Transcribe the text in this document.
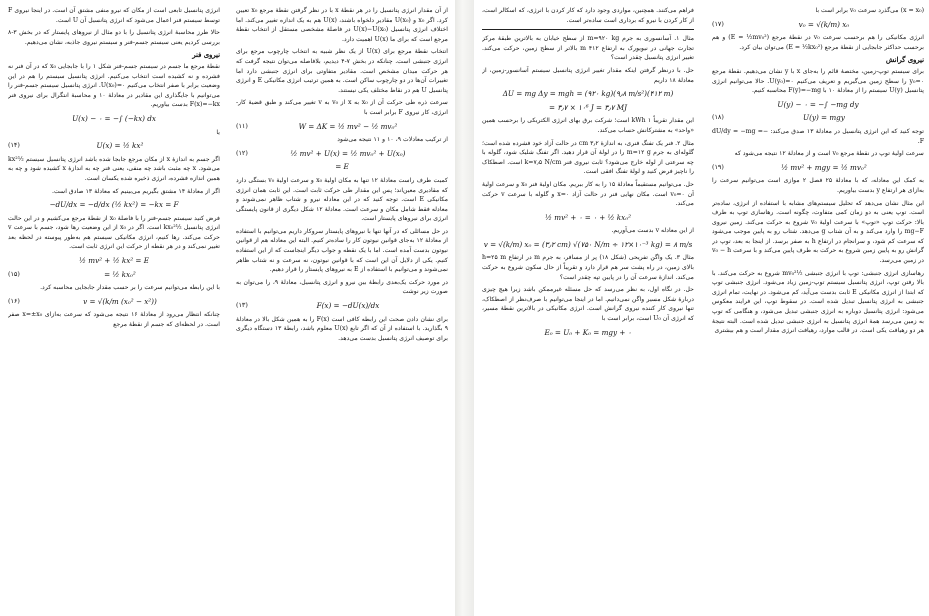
انرژی پتانسیل تابعی است از مکان که نیرو منفی مشتق آن است. در اینجا نیروی F توسط سیستم فنر اعمال می‌شود که انرژی پتانسیل آن U است.
حالا طرز محاسبهٔ انرژی پتانسیل را با دو مثال از نیروهای پایستار که در بخش ۳-۸ بررسی کردیم یعنی سیستم جسم-فنر و سیستم نیروی جاذبه، نشان می‌دهیم.
نیروی فنر
نقطهٔ مرجع ما جسم در سیستم جسم-فنر شکل ۱ را با جابجایی x₀ که در آن فنر نه فشرده و نه کشیده است انتخاب می‌کنیم. انرژی پتانسیل سیستم را هم در این وضعیت برابر با صفر انتخاب می‌کنیم U(x₀)=۰. انرژی پتانسیل سیستم جسم-فنر را می‌توانیم با جایگذاری این مقادیر در معادلهٔ ۱۰ و محاسبهٔ انتگرال برای نیروی فنر F(x)=−kx بدست بیاوریم.
U(x) − ۰ = −∫ (−kx) dx
یا
(۱۴)	U(x) = ½ kx²
اگر جسم به اندازهٔ x از مکان مرجع جابجا شده باشد انرژی پتانسیل سیستم ½kx² می‌شود. x چه مثبت باشد چه منفی، یعنی فنر چه به اندازهٔ x کشیده شود و چه به همین اندازه فشرده، انرژی ذخیره شده یکسان است.
اگر از معادلهٔ ۱۴ مشتق بگیریم می‌بینیم که معادلهٔ ۱۳ صادق است.
−dU/dx = −d/dx (½ kx²) = −kx = F
فرض کنید سیستم جسم-فنر را با فاصلهٔ x₀ از نقطهٔ مرجع می‌کشیم و در این حالت انرژی پتانسیل ½kx₀² است. اگر در x₀ از این وضعیت رها شود، جسم با سرعت v حرکت می‌کند. رها کنیم، انرژی مکانیکی سیستم هم به‌طور پیوسته در لحظه بعد تغییر نمی‌کند و در هر نقطه از حرکت این انرژی ثابت است.
½ mv² + ½ kx² = E
(۱۵)	= ½ kx₀²
با این رابطه می‌توانیم سرعت را بر حسب مقدار جابجایی محاسبه کرد.
(۱۶)	v = √(k/m (x₀² − x²))
چنانکه انتظار می‌رود از معادلهٔ ۱۶ نتیجه می‌شود که سرعت به‌ازای x=±x₀ صفر است. در لحظه‌ای که جسم از نقطهٔ مرجع
از آن مقدار انرژی پتانسیل را در هر نقطهٔ x با در نظر گرفتن نقطهٔ مرجع x₀ تعیین کرد. اگر x₀ و U(x₀) مقادیر دلخواه باشند، U(x) هم به یک اندازه تغییر می‌کند. اما اختلاف انرژی پتانسیل U(x)−U(x₀) در فاصلهٔ مشخصی مستقل از انتخاب نقطهٔ مرجع است که برای ما U(x) اهمیت دارد.
انتخاب نقطهٔ مرجع برای U(x) از یک نظر شبیه به انتخاب چارچوب مرجع برای انرژی جنبشی است. چنانکه در بخش ۷-۴ دیدیم، بلافاصله می‌توان نتیجه گرفت که هر حرکت میدان مشخص است. مقادیر متفاوتی برای انرژی جنبشی دارد اما تغییرات آن‌ها در دو چارچوب ساکن است. به همین ترتیب انرژی مکانیکی E و انرژی پتانسیل U هم در نقاط مختلف یکی نیستند.
سرعت ذره طی حرکت آن از x₀ به x از v₀ به v تغییر می‌کند و طبق قضیهٔ کار-انرژی، کار نیروی F برابر است با
(۱۱)	W = ΔK = ½ mv² − ½ mv₀²
از ترکیب معادلات ۹، ۱۰ و ۱۱ نتیجه می‌شود
(۱۲)	½ mv² + U(x) = ½ mv₀² + U(x₀)
= E
کمیت طرف راست معادلهٔ ۱۲ تنها به مکان اولیهٔ x₀ و سرعت اولیهٔ v₀ بستگی دارد که مقادیری معین‌اند؛ پس این مقدار طی حرکت ثابت است. این ثابت همان انرژی مکانیکی E است. توجه کنید که در این معادله نیرو و شتاب ظاهر نمی‌شوند و معادله فقط شامل مکان و سرعت است. معادلهٔ ۱۲ شکل دیگری از قانون پایستگی انرژی برای نیروهای پایستار است.
در حل مسائلی که در آنها تنها با نیروهای پایستار سروکار داریم می‌توانیم با استفاده از معادلهٔ ۱۲ به‌جای قوانین نیوتون کار را ساده‌تر کنیم. البته این معادله هم از قوانین نیوتون بدست آمده است. اما با یک نقطه و جواب دیگر اینجاست که از این استفاده کنیم. یکی از دلایل آن این است که با قوانین نیوتون، نه سرعت و نه شتاب ظاهر نمی‌شوند و می‌توانیم با استفاده از E به نیروهای پایستار را قرار دهیم.
در مورد حرکت یک‌بعدی رابطهٔ بین نیرو و انرژی پتانسیل، معادلهٔ ۹، را می‌توان به صورت زیر نوشت
(۱۳)	F(x) = −dU(x)/dx
برای نشان دادن صحت این رابطه کافی است F(x) را به همین شکل بالا در معادلهٔ ۹ بگذارید. با استفاده از آن که اگر تابع U(x) معلوم باشد، رابطهٔ ۱۳ دستگاه دیگری برای توصیف انرژی پتانسیل بدست می‌دهد.
فراهم می‌کنند. همچنین، مواردی وجود دارد که کار کردن با انرژی، که اسکالر است، از کار کردن با نیرو که برداری است ساده‌تر است.
مثال ۱. آسانسوری به جرم m=۹۲۰ kg از سطح خیابان به بالاترین طبقهٔ مرکز تجارت جهانی در نیویورک به ارتفاع ۴۱۲ m بالاتر از سطح زمین، حرکت می‌کند. تغییر انرژی پتانسیل چقدر است؟
حل. با درنظر گرفتن اینکه مقدار تغییر انرژی پتانسیل سیستم آسانسور-زمین، از معادلهٔ ۱۸ داریم
ΔU = mg Δy = mgh = (۹۲۰ kg)(۹٫۸ m/s²)(۴۱۲ m)
= ۳٫۷ × ۱۰⁶ J = ۳٫۷ MJ
این مقدار تقریباً ۱ kWh است؛ شرکت برق بهای انرژی الکتریکی را برحسب همین «واحد» به مشترکانش حساب می‌کند.
مثال ۲. فنر یک تفنگ فنری، به اندازهٔ ۳٫۲ cm در حالت آزاد خود فشرده شده است؛ گلوله‌ای به جرم m=۱۲ g را در لولهٔ آن قرار دهید. اگر تفنگ شلیک شود، گلوله با چه سرعتی از لوله خارج می‌شود؟ ثابت نیروی فنر k=۷٫۵ N/cm است. اصطکاک را ناچیز فرض کنید و لولهٔ تفنگ افقی است.
حل. می‌توانیم مستقیماً معادلهٔ ۱۵ را به کار ببریم. مکان اولیهٔ فنر x₀ و سرعت اولیهٔ آن v₀=۰ است. مکان نهایی فنر در حالت آزاد x=۰ و گلوله با سرعت v حرکت می‌کند.
½ mv² + ۰ = ۰ + ½ kx₀²
از این معادله v بدست می‌آوریم.
v = √(k/m) x₀ = (۳٫۲ cm) √(۷۵۰ N/m ÷ ۱۲×۱۰⁻³ kg) = ۸ m/s
مثال ۳. یک واگن تفریحی (شکل ۱۸) پر از مسافر، به جرم m در ارتفاع h=۲۵ m بالای زمین، در راه پشت سر هم قرار دارد و تقریباً از حال سکون شروع به حرکت می‌کند. اندازهٔ سرعت آن را در پایین تپه چقدر است؟
حل. در نگاه اول، به نظر می‌رسد که حل مسئله غیرممکن باشد زیرا هیچ چیزی دربارهٔ شکل مسیر واگن نمی‌دانیم. اما در اینجا می‌توانیم با صرف‌نظر از اصطکاک، تنها نیروی کار کننده نیروی گرانش است. انرژی مکانیکی در بالاترین نقطهٔ مسیر، که انرژی آن U₀ است، برابر است با
E₀ = U₀ + K₀ = mgy + ۰
(x = x₀) می‌گذرد سرعت v₀ برابر است با
(۱۷)	v₀ = √(k/m) x₀
انرژی مکانیکی را هم برحسب سرعت v₀ در نقطهٔ مرجع (E = ½mv₀²) و هم برحسب حداکثر جابجایی از نقطهٔ مرجع (E = ½kx₀²) می‌توان بیان کرد.
نیروی گرانش
برای سیستم توپ-زمین، مختصهٔ قائم را به‌جای x با y نشان می‌دهیم. نقطهٔ مرجع y₀=۰ را سطح زمین می‌گیریم و تعریف می‌کنیم U(y₀)=۰. حالا می‌توانیم انرژی پتانسیل U(y) سیستم را از معادلهٔ ۱۰ با F(y)=−mg محاسبه کنیم.
U(y) − ۰ = −∫ −mg dy
(۱۸)	U(y) = mgy
توجه کنید که این انرژی پتانسیل در معادلهٔ ۱۳ صدق می‌کند: −dU/dy = −mg = F.
سرعت اولیهٔ توپ در نقطهٔ مرجع v₀ است و از معادلهٔ ۱۲ نتیجه می‌شود که
(۱۹)	½ mv² + mgy = ½ mv₀²
به کمک این معادله، که با معادلهٔ ۲۵ فصل ۲ موازی است می‌توانیم سرعت را به‌ازای هر ارتفاع y بدست بیاوریم.
این مثال نشان می‌دهد که تحلیل سیستم‌های مشابه با استفاده از انرژی، ساده‌تر است. توپ یعنی به دو زمان کمی متفاوت، چگونه است. رهاسازی توپ به طرف بالا: حرکت توپ «توپ» با سرعت اولیهٔ v₀ شروع به حرکت می‌کند. زمین نیروی mg−F را وارد می‌کند و به آن شتاب g می‌دهد. شتاب رو به پایین موجب می‌شود که سرعت کم شود، و سرانجام در ارتفاع h به صفر برسد. از اینجا به بعد، توپ در گرانش رو به پایین زمین شروع به حرکت به طرف پایین می‌کند و با سرعت v₀ − h در زمین می‌رسد.
رهاسازی انرژی جنبشی: توپ با انرژی جنبشی ½mv₀² شروع به حرکت می‌کند. با بالا رفتن توپ، انرژی پتانسیل سیستم توپ-زمین زیاد می‌شود. انرژی جنبشی توپ که ابتدا از انرژی مکانیکی E ثابت بدست می‌آید، کم می‌شود. در نهایت، تمام انرژی جنبشی به انرژی پتانسیل تبدیل شده است. در سقوط توپ، این فرایند معکوس می‌شود: انرژی پتانسیل دوباره به انرژی جنبشی تبدیل می‌شود، و هنگامی که توپ به زمین می‌رسد همهٔ انرژی پتانسیل به انرژی جنبشی تبدیل شده است. البته نتیجهٔ هر دو رهیافت یکی است. در قالب موارد، رهیافت انرژی مقدار است و هم بیشتری
